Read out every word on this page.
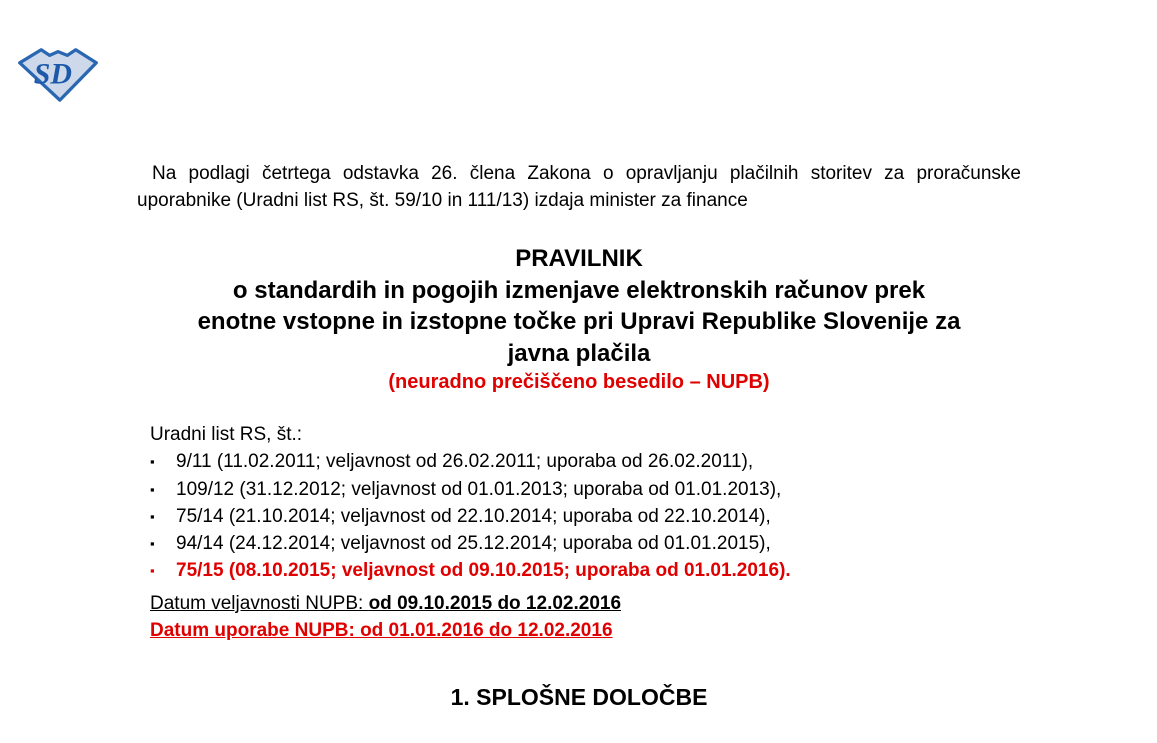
SD

Na podlagi četrtega odstavka 26. člena Zakona o opravljanju plačilnih storitev za proračunske uporabnike (Uradni list RS, št. 59/10 in 111/13) izdaja minister za finance

PRAVILNIK
o standardih in pogojih izmenjave elektronskih računov prek
enotne vstopne in izstopne točke pri Upravi Republike Slovenije za
javna plačila
(neuradno prečiščeno besedilo – NUPB)
Uradni list RS, št.:
▪	9/11 (11.02.2011; veljavnost od 26.02.2011; uporaba od 26.02.2011),
▪	109/12 (31.12.2012; veljavnost od 01.01.2013; uporaba od 01.01.2013),
▪	75/14 (21.10.2014; veljavnost od 22.10.2014; uporaba od 22.10.2014),
▪	94/14 (24.12.2014; veljavnost od 25.12.2014; uporaba od 01.01.2015),
▪	75/15 (08.10.2015; veljavnost od 09.10.2015; uporaba od 01.01.2016).
Datum veljavnosti NUPB: od 09.10.2015 do 12.02.2016
Datum uporabe NUPB: od 01.01.2016 do 12.02.2016
1. SPLOŠNE DOLOČBE
